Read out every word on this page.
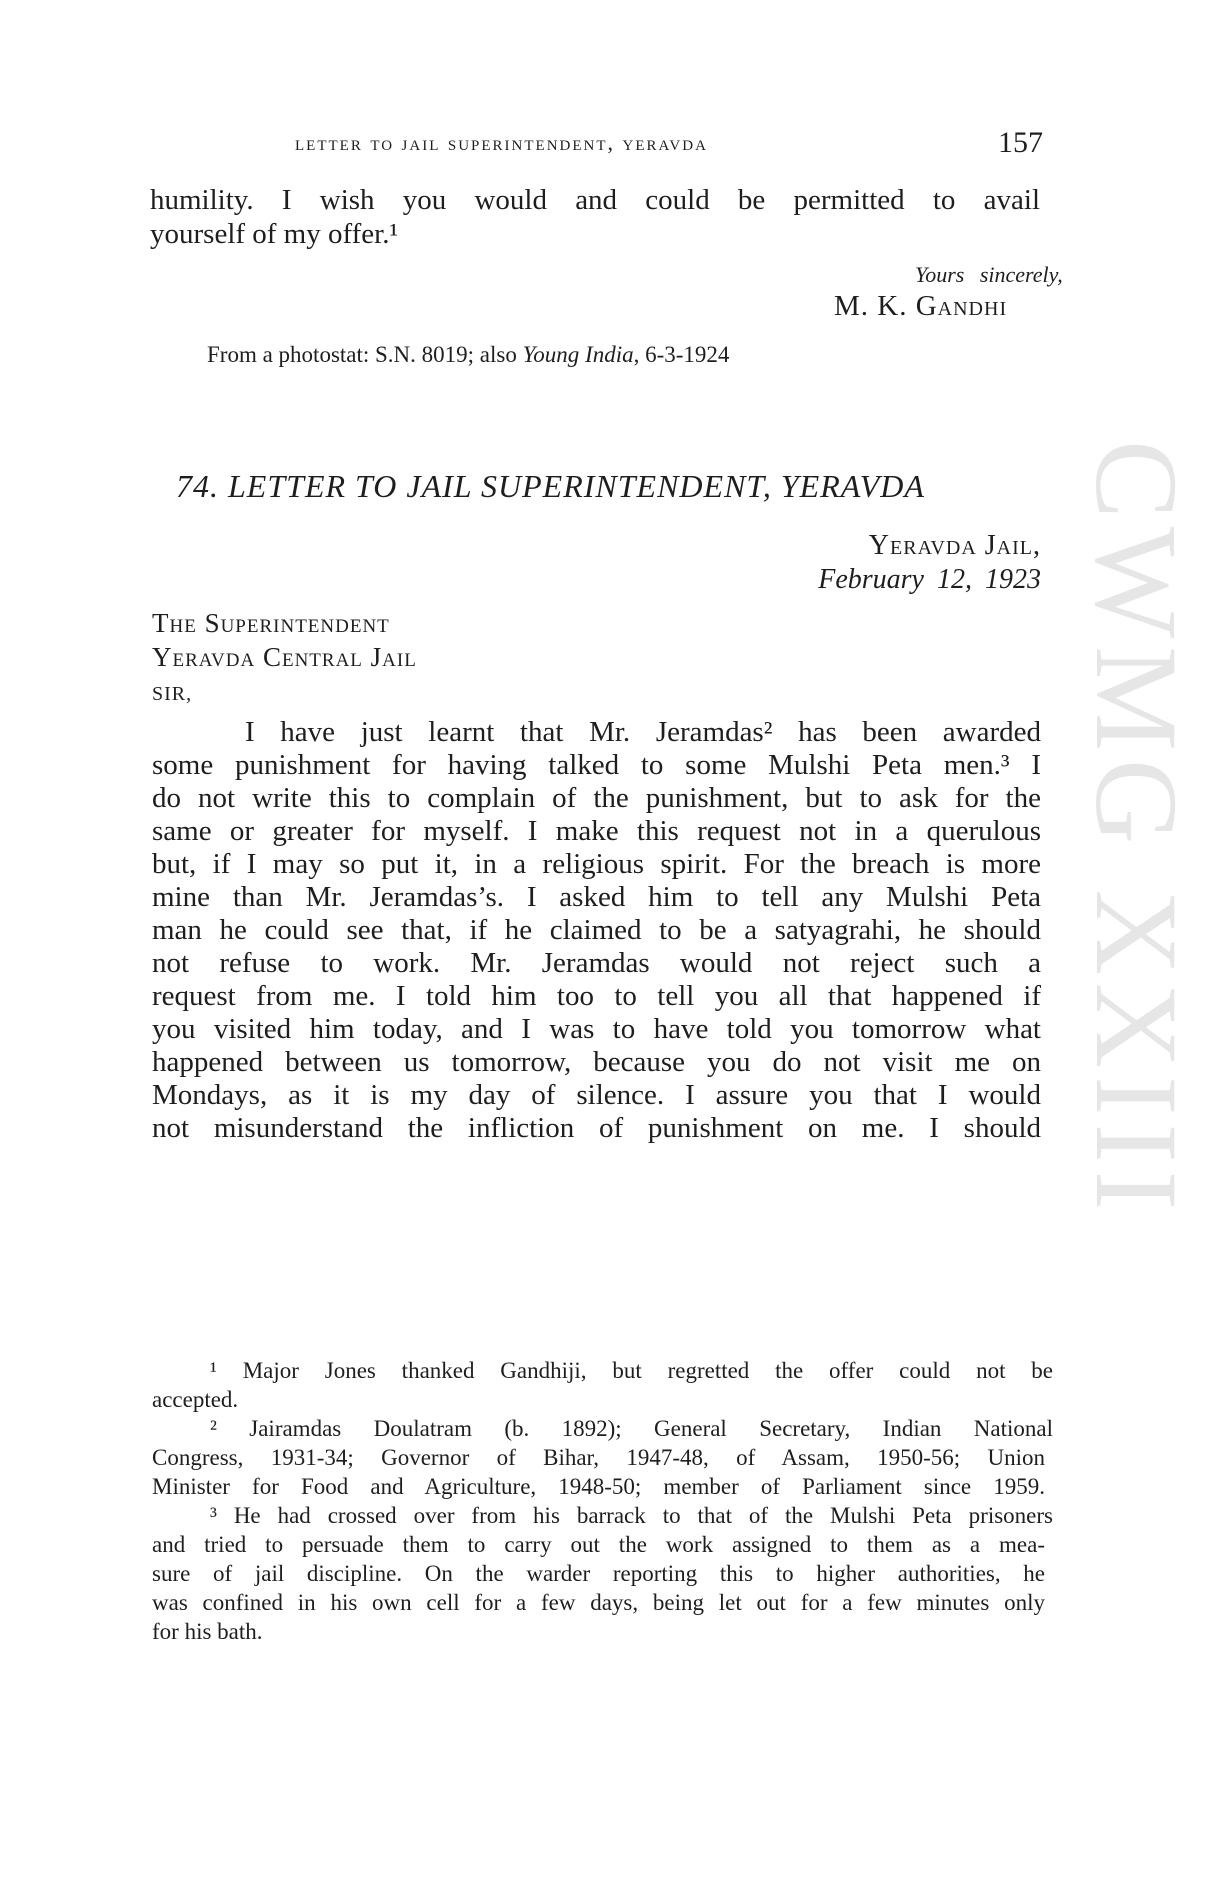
letter to jail superintendent, yeravda	157
humility. I wish you would and could be permitted to avail
yourself of my offer.¹
Yours sincerely,
M. K. Gandhi
From a photostat: S.N. 8019; also Young India, 6-3-1924
74. LETTER TO JAIL SUPERINTENDENT, YERAVDA
Yeravda Jail,
February 12, 1923
The Superintendent
Yeravda Central Jail
SIR,
I have just learnt that Mr. Jeramdas² has been awarded
some punishment for having talked to some Mulshi Peta men.³ I
do not write this to complain of the punishment, but to ask for the
same or greater for myself. I make this request not in a querulous
but, if I may so put it, in a religious spirit. For the breach is more
mine than Mr. Jeramdas’s. I asked him to tell any Mulshi Peta
man he could see that, if he claimed to be a satyagrahi, he should
not refuse to work. Mr. Jeramdas would not reject such a
request from me. I told him too to tell you all that happened if
you visited him today, and I was to have told you tomorrow what
happened between us tomorrow, because you do not visit me on
Mondays, as it is my day of silence. I assure you that I would
not misunderstand the infliction of punishment on me. I should
¹ Major Jones thanked Gandhiji, but regretted the offer could not be
accepted.
² Jairamdas Doulatram (b. 1892); General Secretary, Indian National
Congress, 1931-34; Governor of Bihar, 1947-48, of Assam, 1950-56; Union
Minister for Food and Agriculture, 1948-50; member of Parliament since 1959.
³ He had crossed over from his barrack to that of the Mulshi Peta prisoners
and tried to persuade them to carry out the work assigned to them as a mea-
sure of jail discipline. On the warder reporting this to higher authorities, he
was confined in his own cell for a few days, being let out for a few minutes only
for his bath.
CWMG XXIII
